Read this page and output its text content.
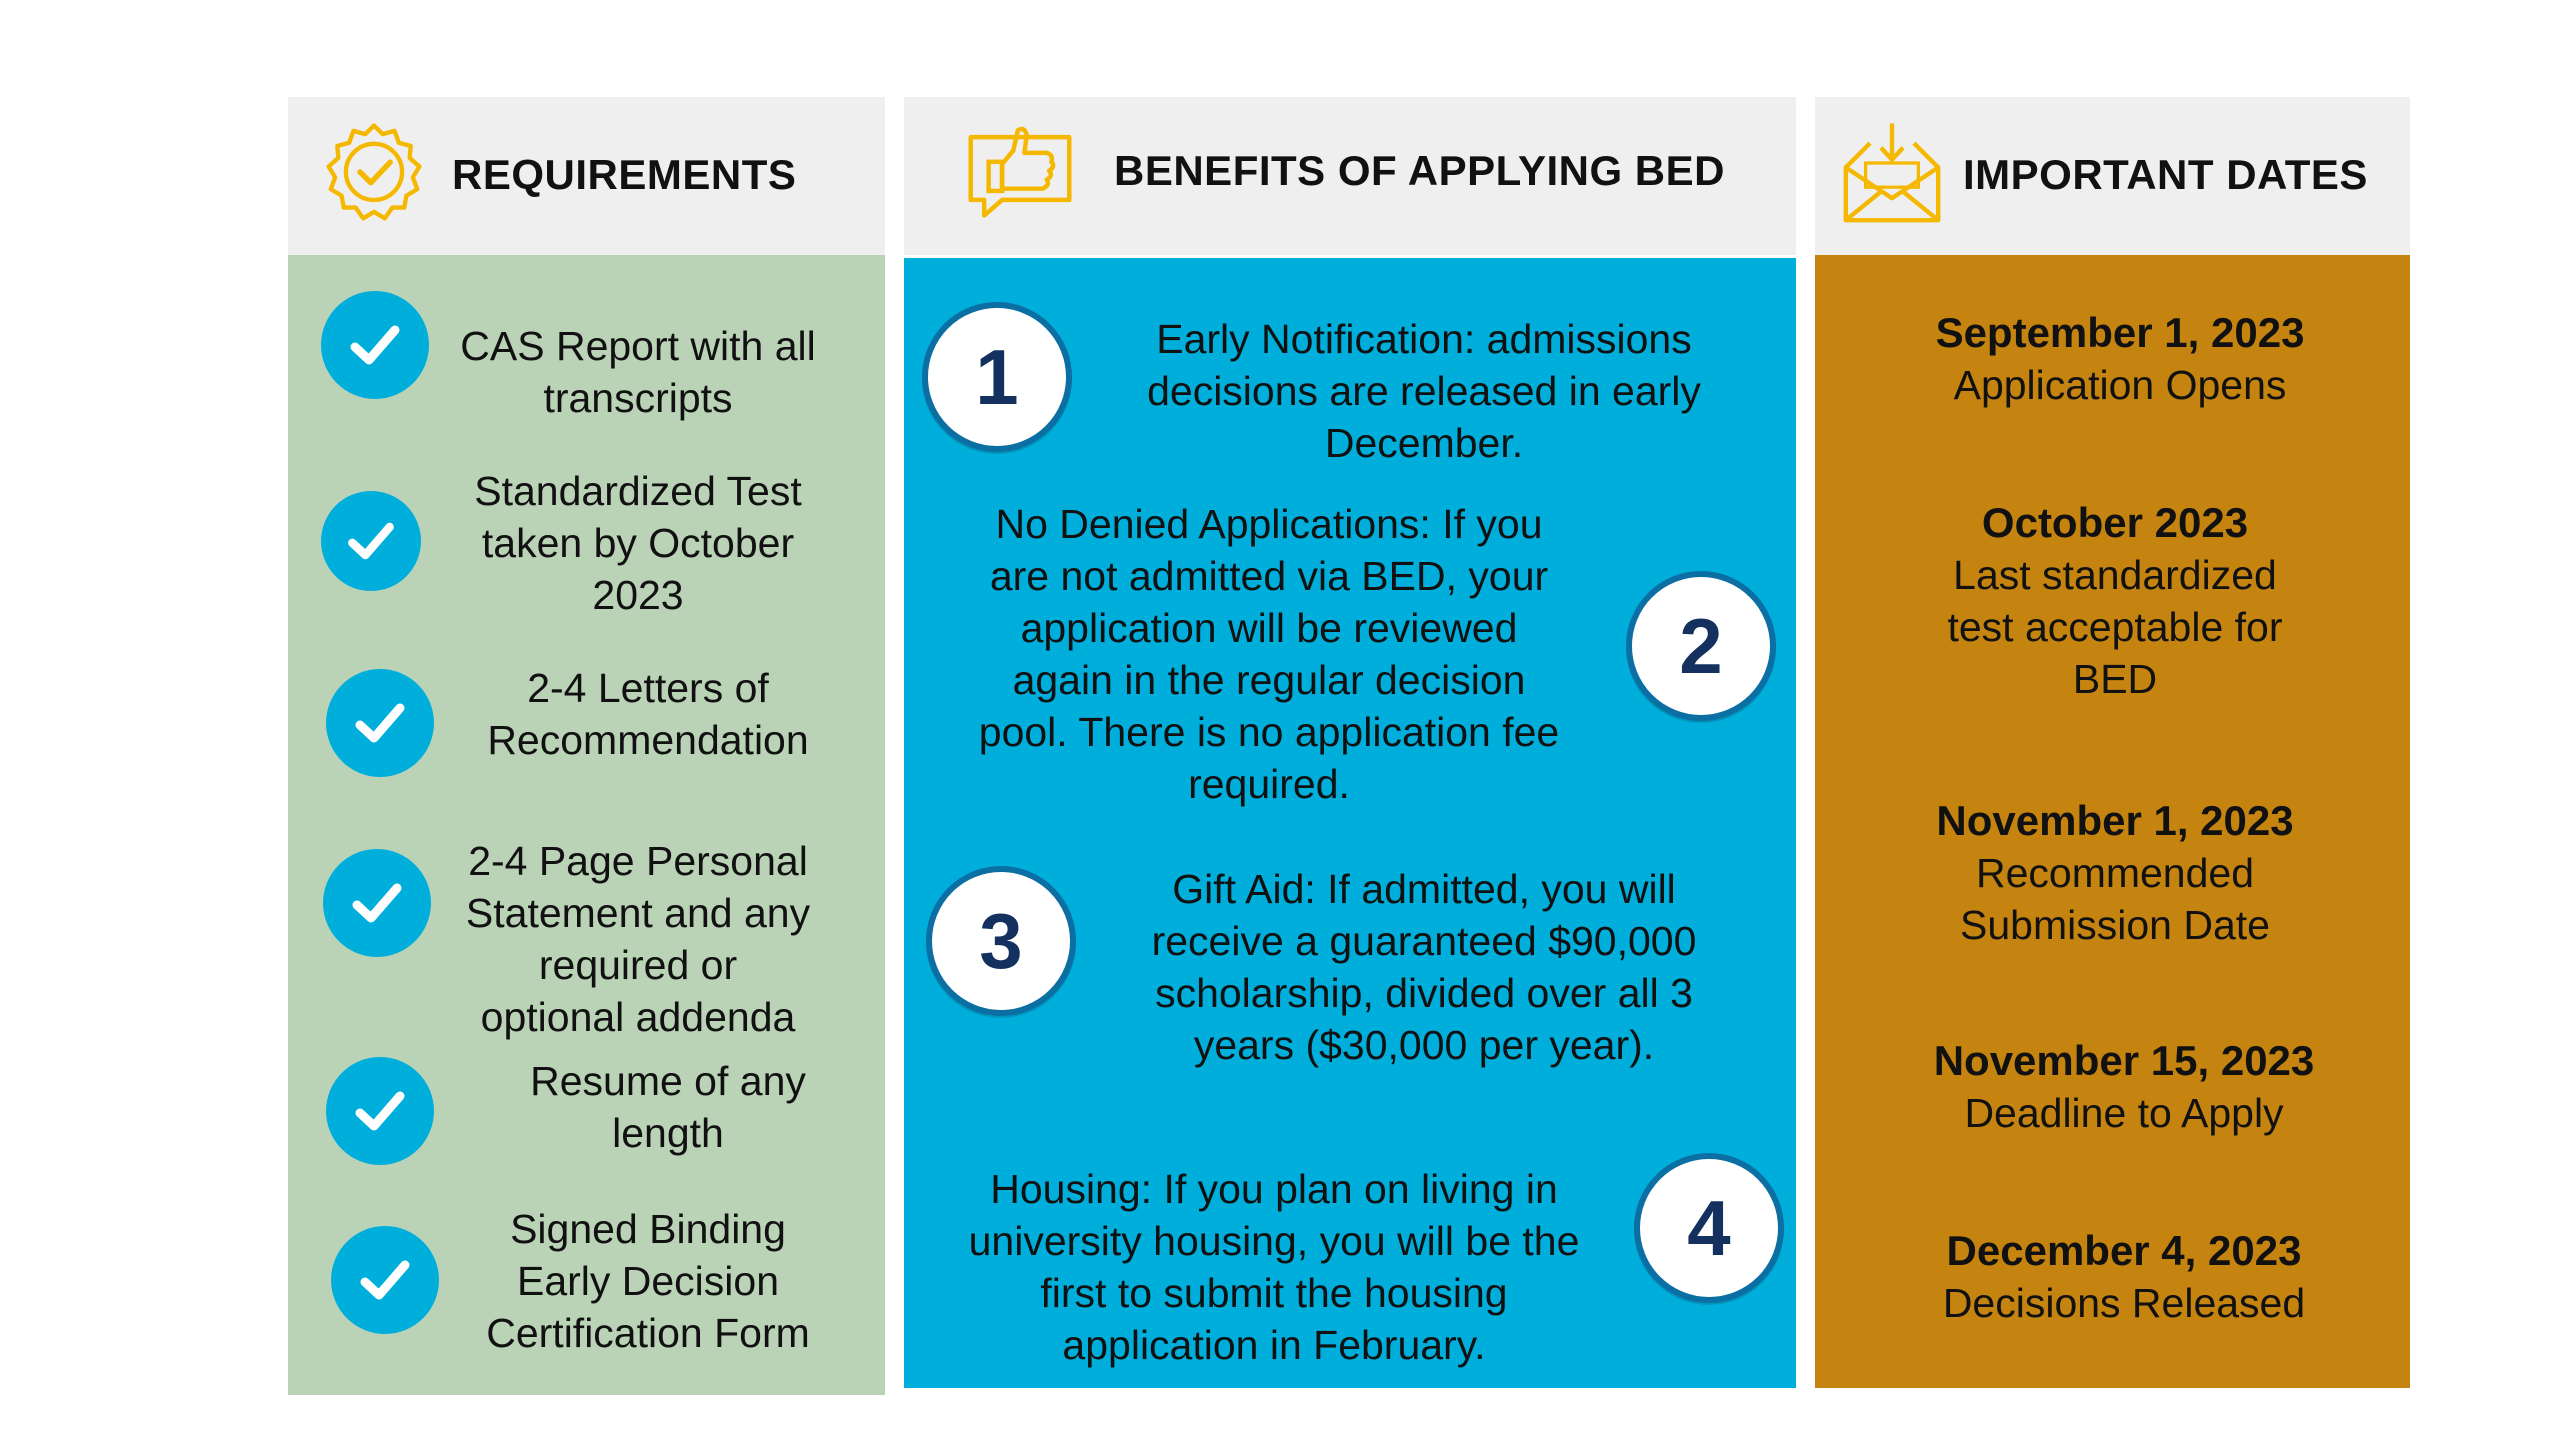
REQUIREMENTS
CAS Report with all
transcripts
Standardized Test
taken by October
2023
2-4 Letters of
Recommendation
2-4 Page Personal
Statement and any
required or
optional addenda
Resume of any
length
Signed Binding
Early Decision
Certification Form
BENEFITS OF APPLYING BED
1	Early Notification: admissions
decisions are released in early
December.
No Denied Applications: If you
are not admitted via BED, your
application will be reviewed
again in the regular decision
pool. There is no application fee
required.
2
3
Gift Aid: If admitted, you will
receive a guaranteed $90,000
scholarship, divided over all 3
years ($30,000 per year).
Housing: If you plan on living in
university housing, you will be the
first to submit the housing
application in February.
4
IMPORTANT DATES
September 1, 2023
Application Opens
October 2023
Last standardized
test acceptable for
BED
November 1, 2023
Recommended
Submission Date
November 15, 2023
Deadline to Apply
December 4, 2023
Decisions Released
